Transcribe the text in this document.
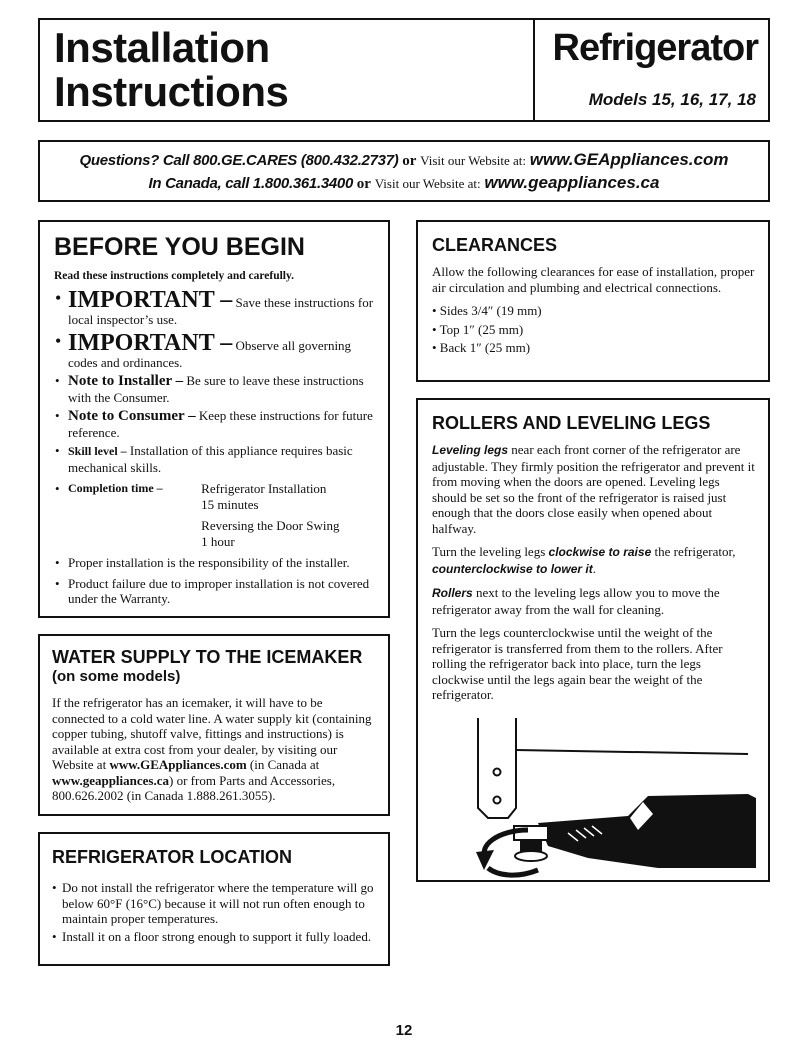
Installation
Instructions
Refrigerator
Models 15, 16, 17, 18
Questions? Call 800.GE.CARES (800.432.2737) or Visit our Website at: www.GEAppliances.com
In Canada, call 1.800.361.3400 or Visit our Website at: www.geappliances.ca
BEFORE YOU BEGIN
Read these instructions completely and carefully.
• IMPORTANT – Save these instructions for local inspector’s use.
• IMPORTANT – Observe all governing codes and ordinances.
• Note to Installer – Be sure to leave these instructions with the Consumer.
• Note to Consumer – Keep these instructions for future reference.
• Skill level – Installation of this appliance requires basic mechanical skills.
• Completion time –	Refrigerator Installation
15 minutes
Reversing the Door Swing
1 hour
• Proper installation is the responsibility of the installer.
• Product failure due to improper installation is not covered under the Warranty.
WATER SUPPLY TO THE ICEMAKER
(on some models)

If the refrigerator has an icemaker, it will have to be connected to a cold water line. A water supply kit (containing copper tubing, shutoff valve, fittings and instructions) is available at extra cost from your dealer, by visiting our Website at www.GEAppliances.com (in Canada at www.geappliances.ca) or from Parts and Accessories, 800.626.2002 (in Canada 1.888.261.3055).

REFRIGERATOR LOCATION
• Do not install the refrigerator where the temperature will go below 60°F (16°C) because it will not run often enough to maintain proper temperatures.
• Install it on a floor strong enough to support it fully loaded.
CLEARANCES

Allow the following clearances for ease of installation, proper air circulation and plumbing and electrical connections.

• Sides 3/4″ (19 mm)
• Top 1″ (25 mm)
• Back 1″ (25 mm)
ROLLERS AND LEVELING LEGS

Leveling legs near each front corner of the refrigerator are adjustable. They firmly position the refrigerator and prevent it from moving when the doors are opened. Leveling legs should be set so the front of the refrigerator is raised just enough that the doors close easily when opened about halfway.

Turn the leveling legs clockwise to raise the refrigerator, counterclockwise to lower it.

Rollers next to the leveling legs allow you to move the refrigerator away from the wall for cleaning.

Turn the legs counterclockwise until the weight of the refrigerator is transferred from them to the rollers. After rolling the refrigerator back into place, turn the legs clockwise until the legs again bear the weight of the refrigerator.

12
